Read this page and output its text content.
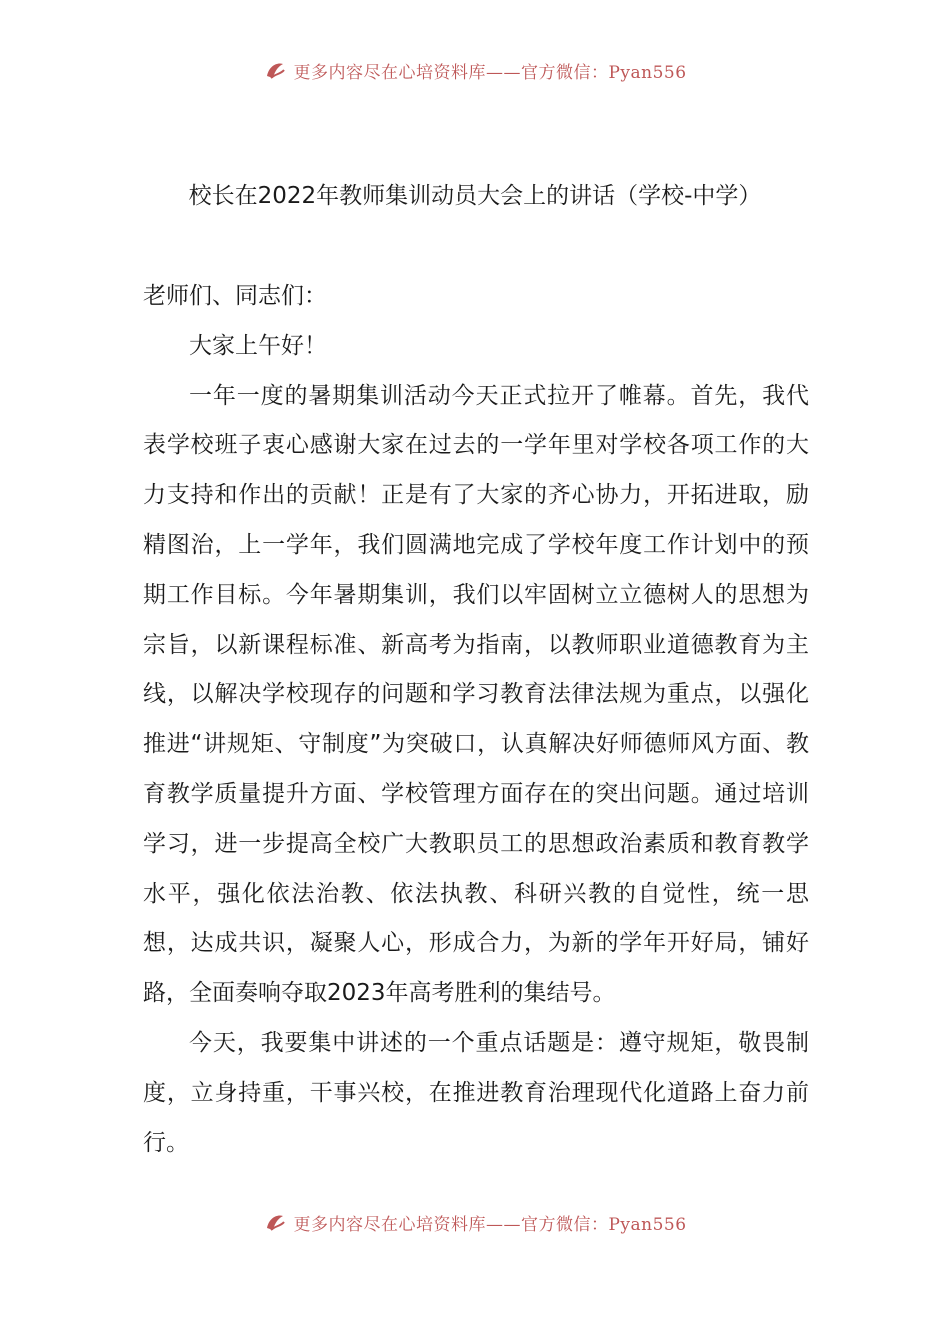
更多内容尽在心培资料库——官方微信：Pyan556
校长在2022年教师集训动员大会上的讲话（学校-中学）

老师们、同志们：

大家上午好！

一年一度的暑期集训活动今天正式拉开了帷幕。首先，我代表学校班子衷心感谢大家在过去的一学年里对学校各项工作的大力支持和作出的贡献！正是有了大家的齐心协力，开拓进取，励精图治，上一学年，我们圆满地完成了学校年度工作计划中的预期工作目标。今年暑期集训，我们以牢固树立立德树人的思想为宗旨，以新课程标准、新高考为指南，以教师职业道德教育为主线，以解决学校现存的问题和学习教育法律法规为重点，以强化推进“讲规矩、守制度”为突破口，认真解决好师德师风方面、教育教学质量提升方面、学校管理方面存在的突出问题。通过培训学习，进一步提高全校广大教职员工的思想政治素质和教育教学水平，强化依法治教、依法执教、科研兴教的自觉性，统一思想，达成共识，凝聚人心，形成合力，为新的学年开好局，铺好路，全面奏响夺取2023年高考胜利的集结号。

今天，我要集中讲述的一个重点话题是：遵守规矩，敬畏制度，立身持重，干事兴校，在推进教育治理现代化道路上奋力前行。

更多内容尽在心培资料库——官方微信：Pyan556
